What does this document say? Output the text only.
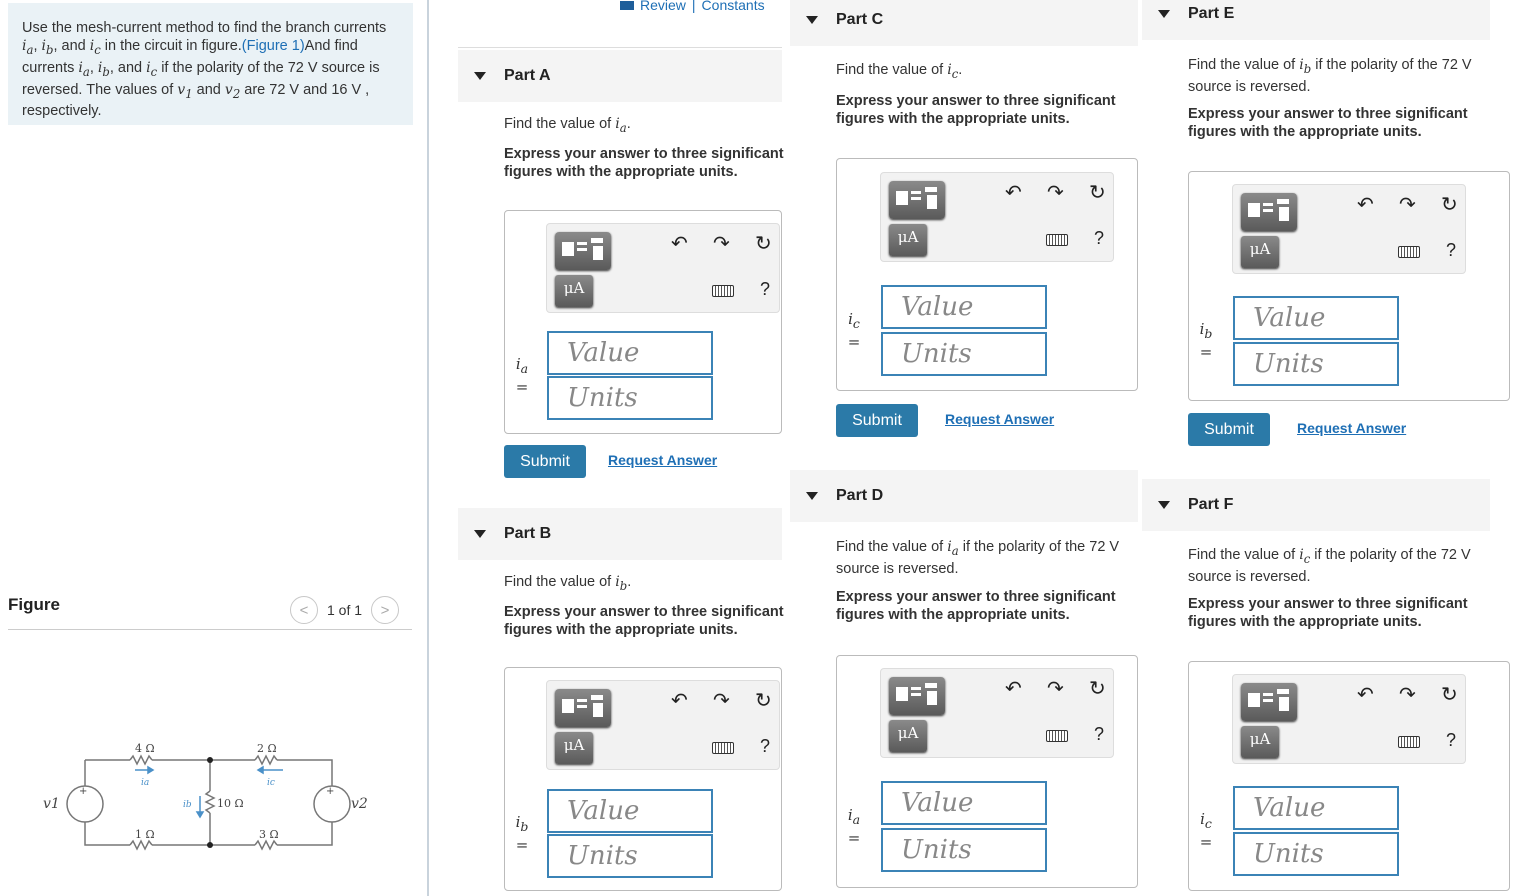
Use the mesh-current method to find the branch currents $i_a$, $i_b$, and $i_c$ in the circuit in figure.(Figure 1)And find currents $i_a$, $i_b$, and $i_c$ if the polarity of the 72 V source is reversed. The values of $v_1$ and $v_2$ are 72 V and 16 V , respectively.
Figure	< 1 of 1 >
4 Ω	2 Ω
10 Ω
1 Ω	3 Ω
v1	v2
+	+
ia	ic
ib
Review | Constants
Part A
Find the value of $i_a$.
Express your answer to three significant figures with the appropriate units.
μA
↶ ↷ ↻
?
$i_a$
=
Value
Units
Submit	Request Answer
Part B
Find the value of $i_b$.
Express your answer to three significant figures with the appropriate units.
μA
↶ ↷ ↻
?
$i_b$
=
Value
Units
Part C
Find the value of $i_c$.
Express your answer to three significant figures with the appropriate units.
μA
↶ ↷ ↻
?
$i_c$
=
Value
Units
Submit	Request Answer
Part D
Find the value of $i_a$ if the polarity of the 72 V source is reversed.
Express your answer to three significant figures with the appropriate units.
μA
↶ ↷ ↻
?
$i_a$
=
Value
Units
Part E
Find the value of $i_b$ if the polarity of the 72 V source is reversed.
Express your answer to three significant figures with the appropriate units.
μA
↶ ↷ ↻
?
$i_b$
=
Value
Units
Submit	Request Answer
Part F
Find the value of $i_c$ if the polarity of the 72 V source is reversed.
Express your answer to three significant figures with the appropriate units.
μA
↶ ↷ ↻
?
$i_c$
=
Value
Units
